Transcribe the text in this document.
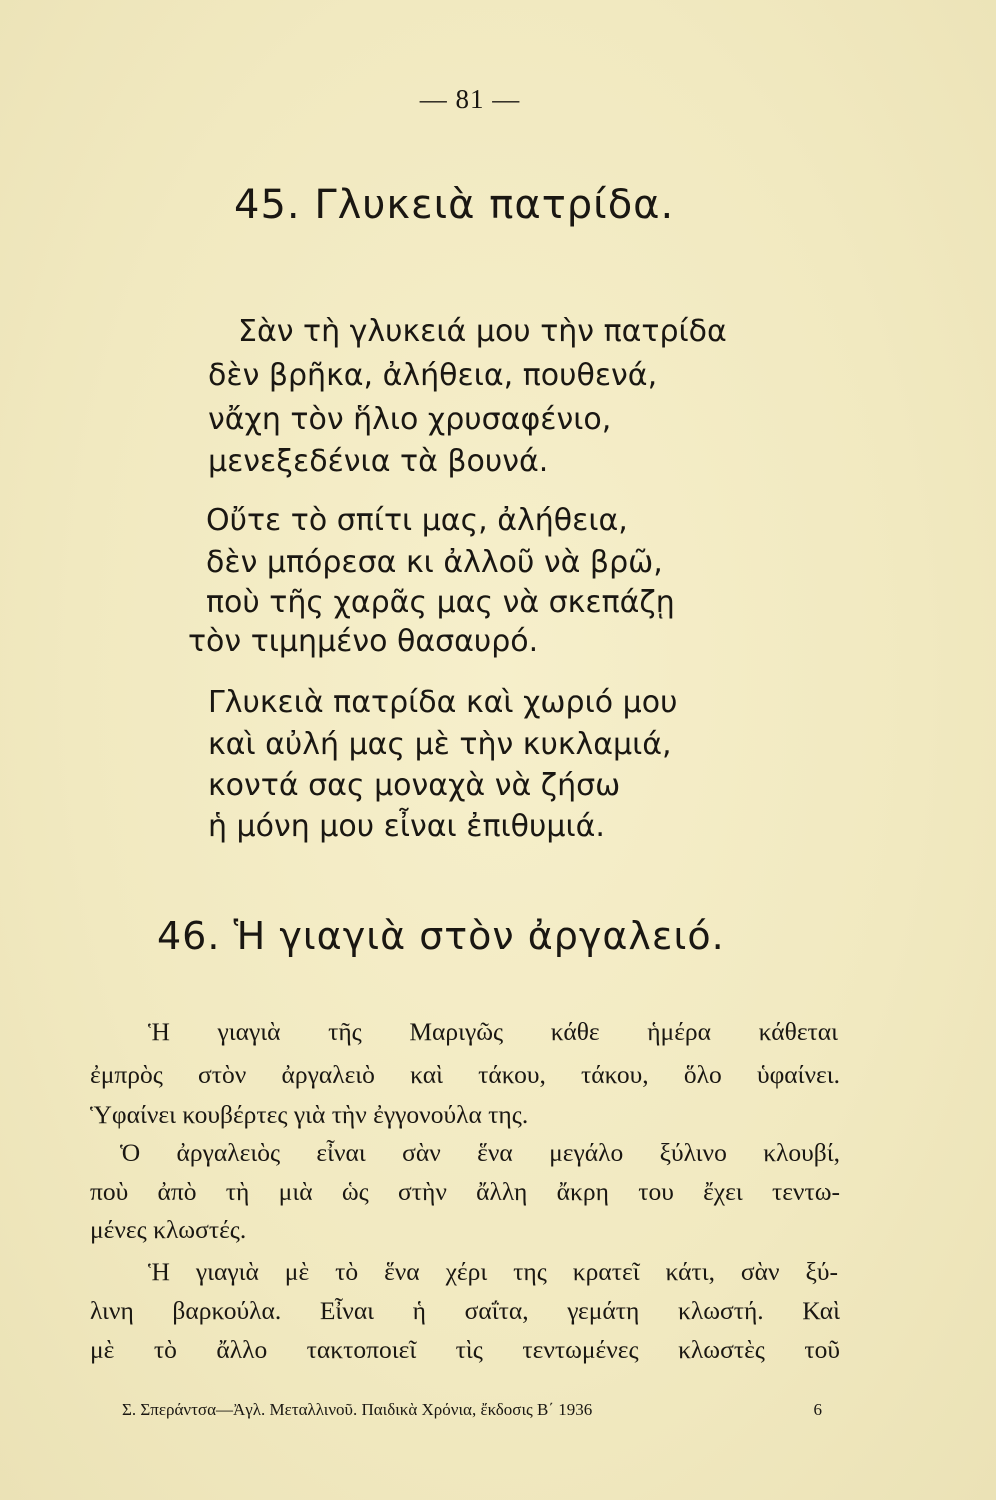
— 81 —
45. Γλυκειὰ πατρίδα.

Σὰν τὴ γλυκειά μου τὴν πατρίδα

δὲν βρῆκα, ἀλήθεια, πουθενά,

νἄχη τὸν ἥλιο χρυσαφένιο,

μενεξεδένια τὰ βουνά.

Οὔτε τὸ σπίτι μας, ἀλήθεια,

δὲν μπόρεσα κι ἀλλοῦ νὰ βρῶ,

ποὺ τῆς χαρᾶς μας νὰ σκεπάζῃ

τὸν τιμημένο θασαυρό.

Γλυκειὰ πατρίδα καὶ χωριό μου

καὶ αὐλή μας μὲ τὴν κυκλαμιά,

κοντά σας μοναχὰ νὰ ζήσω

ἡ μόνη μου εἶναι ἐπιθυμιά.

46. Ἡ γιαγιὰ στὸν ἀργαλειό.

Ἡ γιαγιὰ τῆς Μαριγῶς κάθε ἡμέρα κάθεται

ἐμπρὸς στὸν ἀργαλειὸ καὶ τάκου, τάκου, ὅλο ὑφαίνει.

Ὑφαίνει κουβέρτες γιὰ τὴν ἐγγονούλα της.

Ὁ ἀργαλειὸς εἶναι σὰν ἕνα μεγάλο ξύλινο κλουβί,

ποὺ ἀπὸ τὴ μιὰ ὡς στὴν ἄλλη ἄκρη του ἔχει τεντω-

μένες κλωστές.

Ἡ γιαγιὰ μὲ τὸ ἕνα χέρι της κρατεῖ κάτι, σὰν ξύ-

λινη βαρκούλα. Εἶναι ἡ σαΐτα, γεμάτη κλωστή. Καὶ

μὲ τὸ ἄλλο τακτοποιεῖ τὶς τεντωμένες κλωστὲς τοῦ

Σ. Σπεράντσα—Ἀγλ. Μεταλλινοῦ. Παιδικὰ Χρόνια, ἔκδοσις Β΄ 1936	6
